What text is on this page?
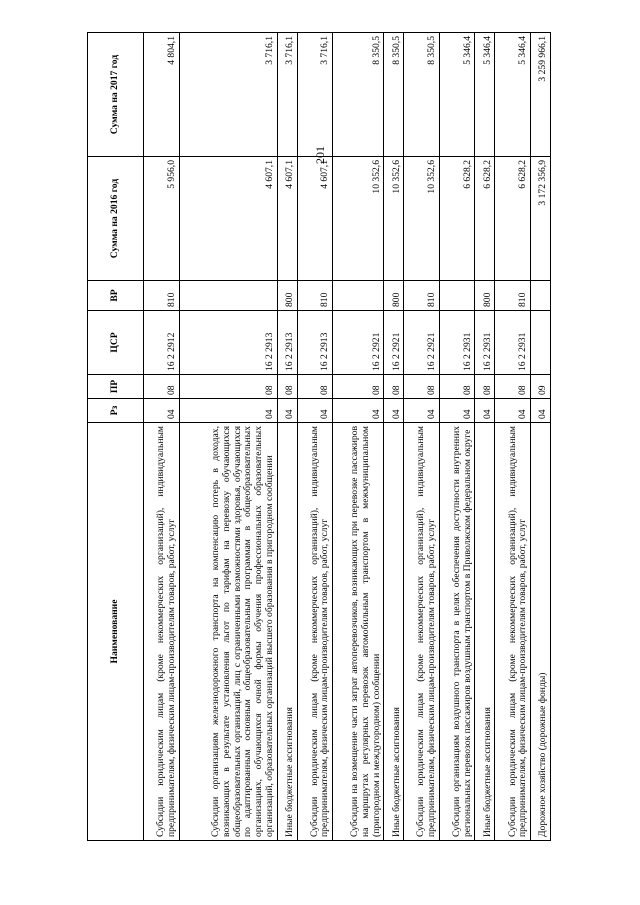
201
Наименование	Рз	ПР	ЦСР	ВР	Сумма на 2016 год	Сумма на 2017 год
Субсидии юридическим лицам (кроме некоммерческих организаций), индивидуальным предпринимателям, физическим лицам-производителям товаров, работ, услуг	04	08	16 2 2912	810	5 956,0	4 804,1
Субсидии организациям железнодорожного транспорта на компенсацию потерь в доходах, возникающих в результате установления льгот по тарифам на перевозку обучающихся общеобразовательных организаций, лиц с ограниченными возможностями здоровья, обучающихся по адаптированным основным общеобразовательным программам в общеобразовательных организациях, обучающихся очной формы обучения профессиональных образовательных организаций, образовательных организаций высшего образования в пригородном сообщении	04	08	16 2 2913		4 607,1	3 716,1
Иные бюджетные ассигнования	04	08	16 2 2913	800	4 607,1	3 716,1
Субсидии юридическим лицам (кроме некоммерческих организаций), индивидуальным предпринимателям, физическим лицам-производителям товаров, работ, услуг	04	08	16 2 2913	810	4 607,1	3 716,1
Субсидии на возмещение части затрат автоперевозчиков, возникающих при перевозке пассажиров на маршрутах регулярных перевозок автомобильным транспортом в межмуниципальном (пригородном и междугородном) сообщении	04	08	16 2 2921		10 352,6	8 350,5
Иные бюджетные ассигнования	04	08	16 2 2921	800	10 352,6	8 350,5
Субсидии юридическим лицам (кроме некоммерческих организаций), индивидуальным предпринимателям, физическим лицам-производителям товаров, работ, услуг	04	08	16 2 2921	810	10 352,6	8 350,5
Субсидии организациям воздушного транспорта в целях обеспечения доступности внутренних региональных перевозок пассажиров воздушным транспортом в Приволжском федеральном округе	04	08	16 2 2931		6 628,2	5 346,4
Иные бюджетные ассигнования	04	08	16 2 2931	800	6 628,2	5 346,4
Субсидии юридическим лицам (кроме некоммерческих организаций), индивидуальным предпринимателям, физическим лицам-производителям товаров, работ, услуг	04	08	16 2 2931	810	6 628,2	5 346,4
Дорожное хозяйство (дорожные фонды)	04	09			3 172 356,9	3 259 966,1
